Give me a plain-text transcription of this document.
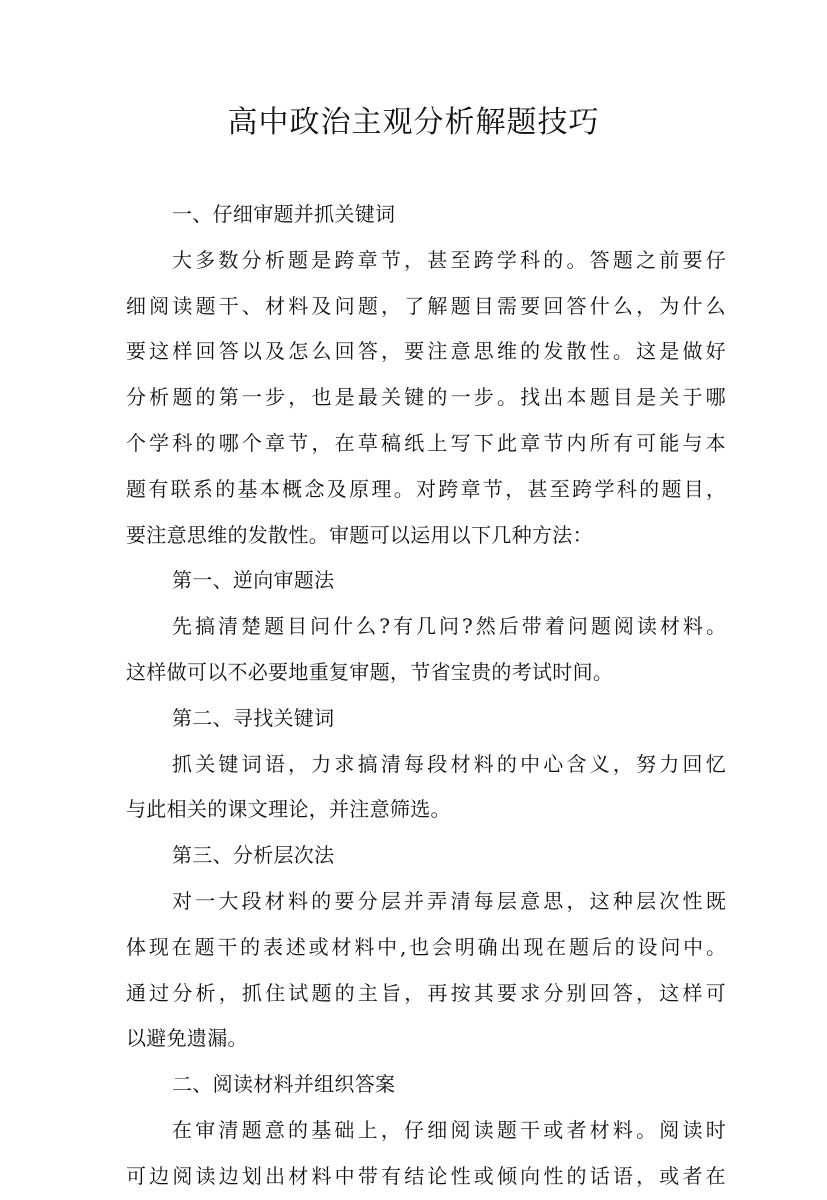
高中政治主观分析解题技巧
一、仔细审题并抓关键词
大多数分析题是跨章节，甚至跨学科的。答题之前要仔
细阅读题干、材料及问题，了解题目需要回答什么，为什么
要这样回答以及怎么回答，要注意思维的发散性。这是做好
分析题的第一步，也是最关键的一步。找出本题目是关于哪
个学科的哪个章节，在草稿纸上写下此章节内所有可能与本
题有联系的基本概念及原理。对跨章节，甚至跨学科的题目，
要注意思维的发散性。审题可以运用以下几种方法：
第一、逆向审题法
先搞清楚题目问什么?有几问?然后带着问题阅读材料。
这样做可以不必要地重复审题，节省宝贵的考试时间。
第二、寻找关键词
抓关键词语，力求搞清每段材料的中心含义，努力回忆
与此相关的课文理论，并注意筛选。
第三、分析层次法
对一大段材料的要分层并弄清每层意思，这种层次性既
体现在题干的表述或材料中,也会明确出现在题后的设问中。
通过分析，抓住试题的主旨，再按其要求分别回答，这样可
以避免遗漏。
二、阅读材料并组织答案
在审清题意的基础上，仔细阅读题干或者材料。阅读时
可边阅读边划出材料中带有结论性或倾向性的话语，或者在
